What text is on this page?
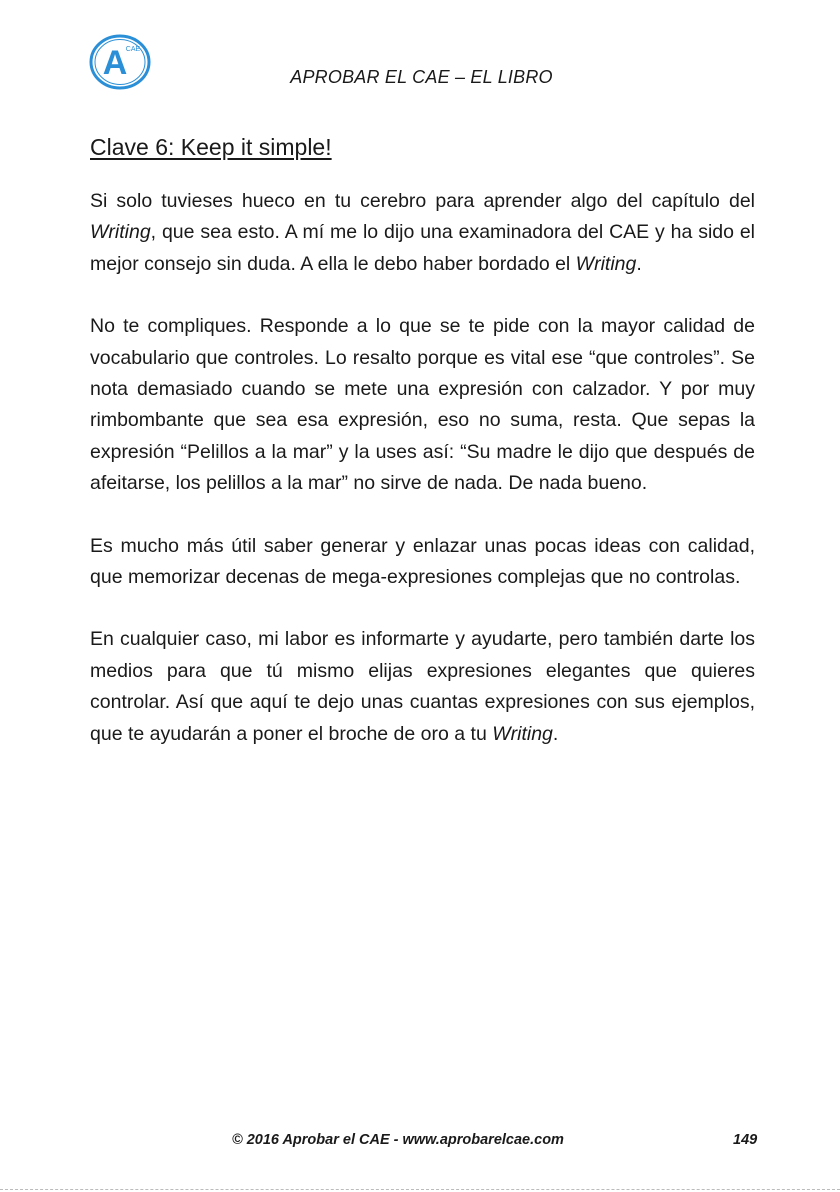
A
CAE
APROBAR EL CAE – EL LIBRO
Clave 6: Keep it simple!

Si solo tuvieses hueco en tu cerebro para aprender algo del capítulo del Writing, que sea esto. A mí me lo dijo una examinadora del CAE y ha sido el mejor consejo sin duda. A ella le debo haber bordado el Writing.

No te compliques. Responde a lo que se te pide con la mayor calidad de vocabulario que controles. Lo resalto porque es vital ese “que controles”. Se nota demasiado cuando se mete una expresión con calzador. Y por muy rimbombante que sea esa expresión, eso no suma, resta. Que sepas la expresión “Pelillos a la mar” y la uses así: “Su madre le dijo que después de afeitarse, los pelillos a la mar” no sirve de nada. De nada bueno.

Es mucho más útil saber generar y enlazar unas pocas ideas con calidad, que memorizar decenas de mega-expresiones complejas que no controlas.

En cualquier caso, mi labor es informarte y ayudarte, pero también darte los medios para que tú mismo elijas expresiones elegantes que quieres controlar. Así que aquí te dejo unas cuantas expresiones con sus ejemplos, que te ayudarán a poner el broche de oro a tu Writing.

© 2016 Aprobar el CAE - www.aprobarelcae.com	149
